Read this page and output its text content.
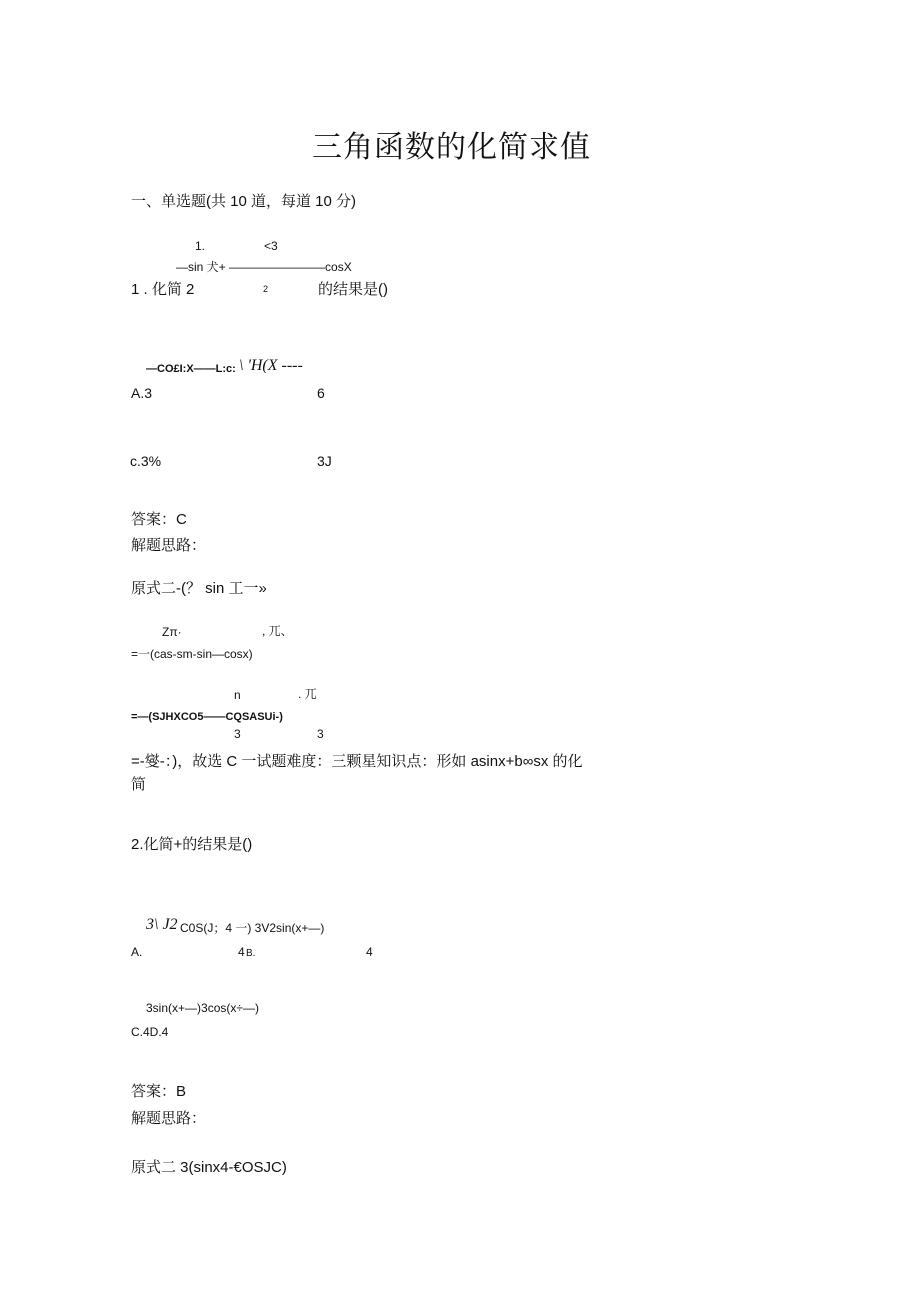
三角函数的化简求值
一、单选题(共 10 道，每道 10 分)
1.	<3
—sin 犬+ ————————cosX
1 . 化简 2	2	的结果是()
—CO£I:X——L:c: \ 'H(X ----
A.3	6
c.3%	3J
答案：C
解题思路：
原式二-(？ sin 工一»
Zπ·	, 兀、
=一(cas-sm-sin—cosx)
n	. 兀
=—(SJHXCO5——CQSASUi-)
3	3
=-燮-：)，故选 C 一试题难度：三颗星知识点：形如 asinx+b∞sx 的化
简
2.化简+的结果是()
3\ J2 C0S(J；4 一) 3V2sin(x+—)
A.	4 B.	4
3sin(x+—)3cos(x÷—)
C.4D.4
答案：B
解题思路：
原式二 3(sinx4-€OSJC)
